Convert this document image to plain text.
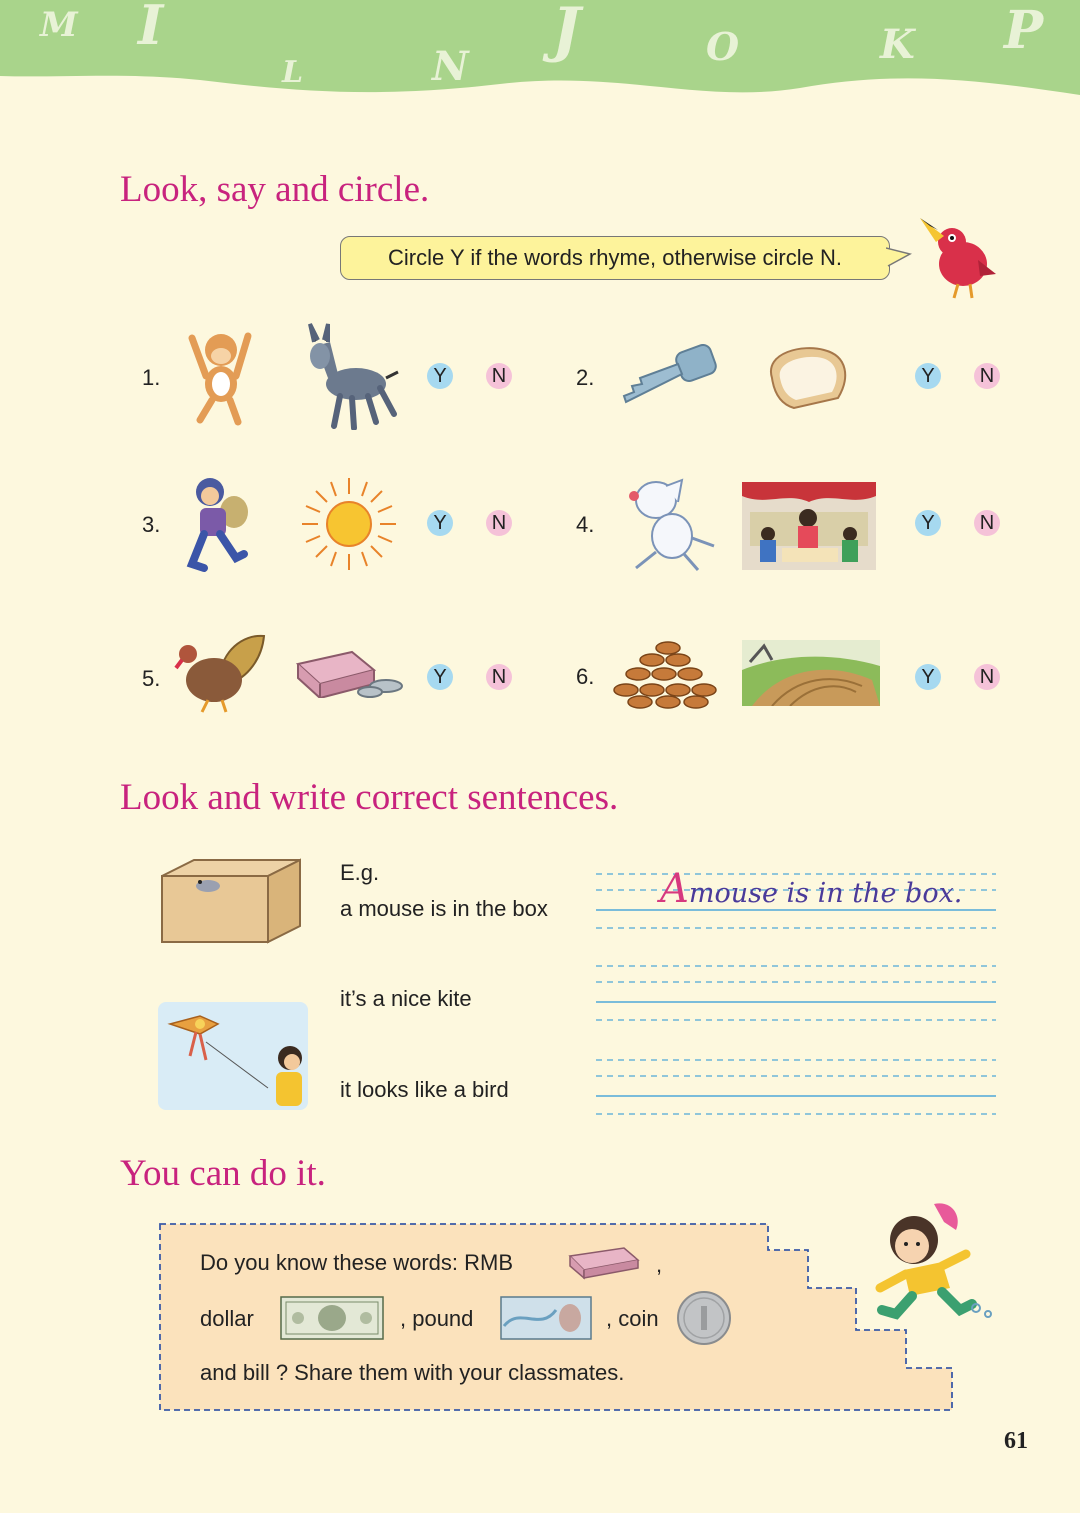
M I
L	N
J	O	K P
Look, say and circle.
Circle Y if the words rhyme, otherwise circle N.
1.	Y	N	2.	Y	N
3.	Y	N	4.	Y	N
5.	Y	N	6.	Y	N
Look and write correct sentences.
E.g.
a mouse is in the box
it’s a nice kite
it looks like a bird
Amouse is in the box.
You can do it.
Do you know these words: RMB	,
dollar	, pound	, coin
and bill ? Share them with your classmates.
61
